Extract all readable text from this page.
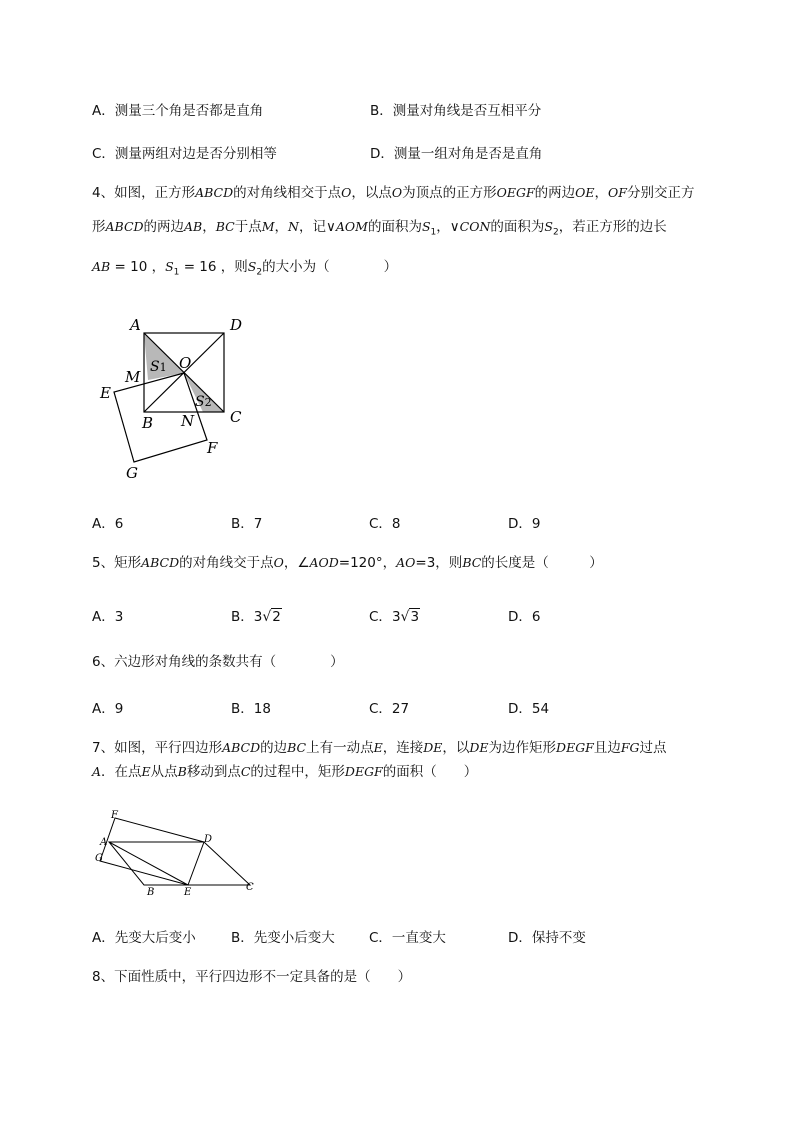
A．测量三个角是否都是直角	B．测量对角线是否互相平分
C．测量两组对边是否分别相等	D．测量一组对角是否是直角
4、如图，正方形ABCD的对角线相交于点O，以点O为顶点的正方形OEGF的两边OE，OF分别交正方
形ABCD的两边AB，BC于点M，N，记∨AOM的面积为$S_1$，∨CON的面积为$S_2$，若正方形的边长
AB = 10 ，$S_1 = 16$ ，则$S_2$的大小为（　　　　）
A	D
O
S1
M
E	S2
C
B N
F
G
A．6	B．7	C．8	D．9
5、矩形ABCD的对角线交于点O，∠AOD=120°，AO=3，则BC的长度是（　　　）
A．3	B．3√2	C．3√3	D．6
6、六边形对角线的条数共有（　　　　）
A．9	B．18	C．27	D．54
7、如图，平行四边形ABCD的边BC上有一动点E，连接DE，以DE为边作矩形DEGF且边FG过点
A．在点E从点B移动到点C的过程中，矩形DEGF的面积（　　）
F
A
G
D
B	E	C
A．先变大后变小	B．先变小后变大	C．一直变大	D．保持不变
8、下面性质中，平行四边形不一定具备的是（　　）
